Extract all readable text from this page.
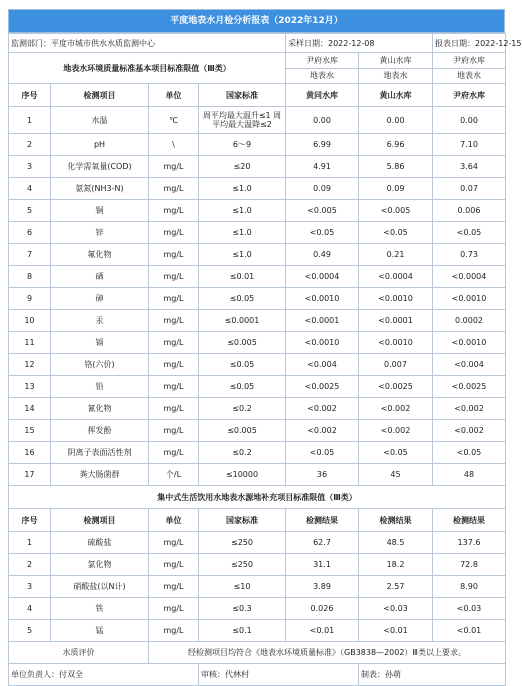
平度地表水月检分析报表（2022年12月）
监测部门：平度市城市供水水质监测中心				采样日期：2022-12-08		报表日期：2022-12-15
地表水环境质量标准基本项目标准限值（Ⅲ类）				尹府水库	黄山水库	尹府水库
				地表水	地表水	地表水
序号	检测项目	单位	国家标准	黄同水库	黄山水库	尹府水库
1	水温	℃	周平均最大温升≤1 周平均最大温降≤2	0.00	0.00	0.00
2	pH	\	6～9	6.99	6.96	7.10
3	化学需氧量(COD)	mg/L	≤20	4.91	5.86	3.64
4	氨氮(NH3-N)	mg/L	≤1.0	0.09	0.09	0.07
5	铜	mg/L	≤1.0	<0.005	<0.005	0.006
6	锌	mg/L	≤1.0	<0.05	<0.05	<0.05
7	氟化物	mg/L	≤1.0	0.49	0.21	0.73
8	硒	mg/L	≤0.01	<0.0004	<0.0004	<0.0004
9	砷	mg/L	≤0.05	<0.0010	<0.0010	<0.0010
10	汞	mg/L	≤0.0001	<0.0001	<0.0001	0.0002
11	镉	mg/L	≤0.005	<0.0010	<0.0010	<0.0010
12	铬(六价)	mg/L	≤0.05	<0.004	0.007	<0.004
13	铅	mg/L	≤0.05	<0.0025	<0.0025	<0.0025
14	氰化物	mg/L	≤0.2	<0.002	<0.002	<0.002
15	挥发酚	mg/L	≤0.005	<0.002	<0.002	<0.002
16	阴离子表面活性剂	mg/L	≤0.2	<0.05	<0.05	<0.05
17	粪大肠菌群	个/L	≤10000	36	45	48
集中式生活饮用水地表水源地补充项目标准限值（Ⅲ类）						
序号	检测项目	单位	国家标准	检测结果	检测结果	检测结果
1	硫酸盐	mg/L	≤250	62.7	48.5	137.6
2	氯化物	mg/L	≤250	31.1	18.2	72.8
3	硝酸盐(以N计)	mg/L	≤10	3.89	2.57	8.90
4	铁	mg/L	≤0.3	0.026	<0.03	<0.03
5	锰	mg/L	≤0.1	<0.01	<0.01	<0.01
水质评价		经检测项目均符合《地表水环境质量标准》（GB3838—2002）Ⅲ类以上要求。				
单位负责人：付双全			审核：代林村		制表：孙萌	
